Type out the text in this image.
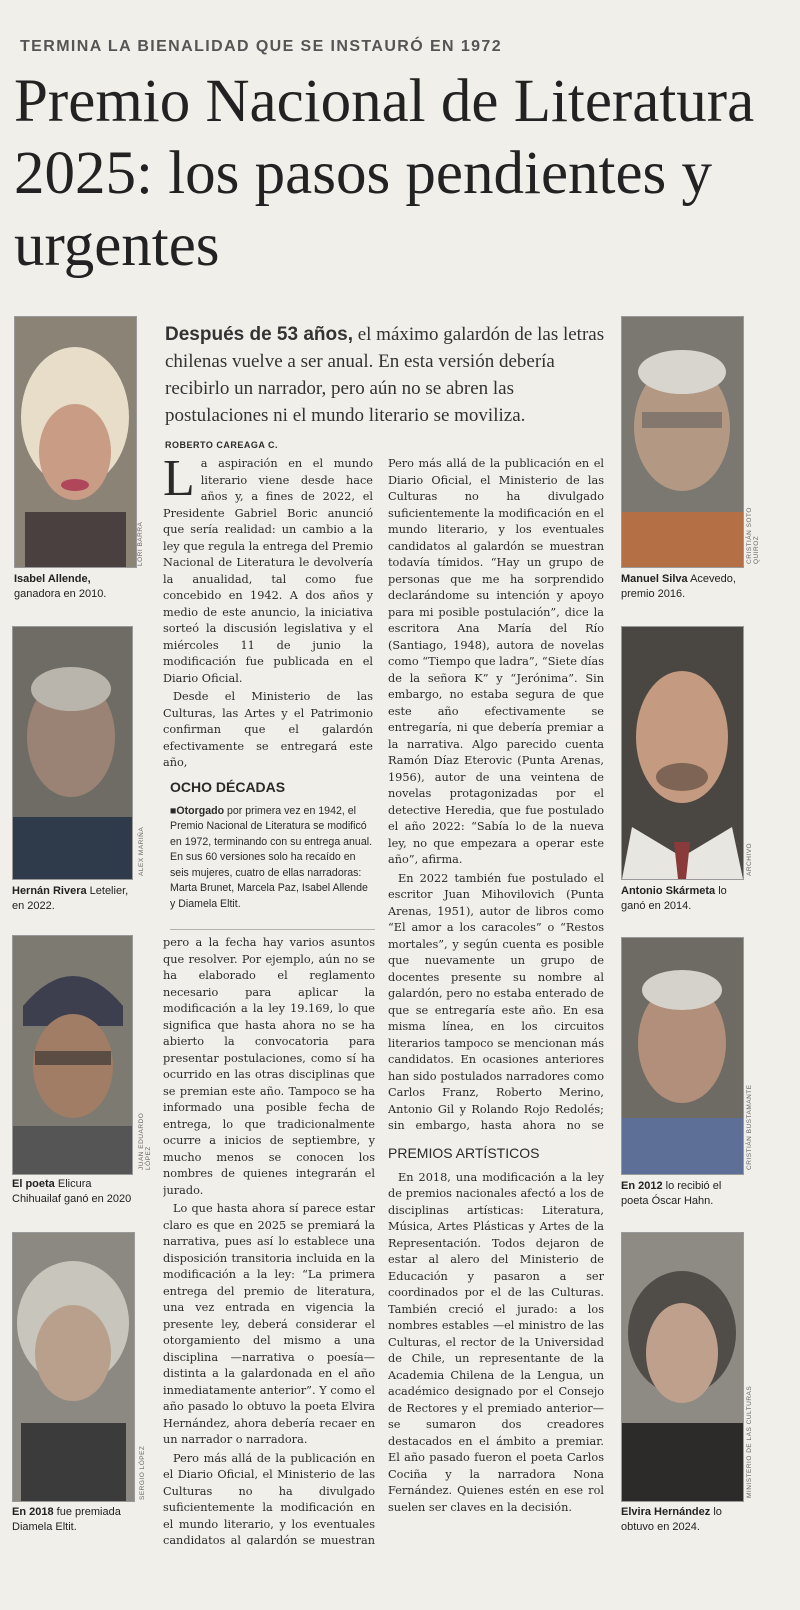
TERMINA LA BIENALIDAD QUE SE INSTAURÓ EN 1972
Premio Nacional de Literatura 2025: los pasos pendientes y urgentes
Después de 53 años, el máximo galardón de las letras chilenas vuelve a ser anual. En esta versión debería recibirlo un narrador, pero aún no se abren las postulaciones ni el mundo literario se moviliza.
ROBERTO CAREAGA C.
LORI BARRA
Isabel Allende, ganadora en 2010.
ALEX MARIÑA
Hernán Rivera Letelier, en 2022.
JUAN EDUARDO LÓPEZ
El poeta Elicura Chihuailaf ganó en 2020
SERGIO LÓPEZ
En 2018 fue premiada Diamela Eltit.
CRISTIÁN SOTO QUIROZ
Manuel Silva Acevedo, premio 2016.
ARCHIVO
Antonio Skármeta lo ganó en 2014.
CRISTIÁN BUSTAMANTE
En 2012 lo recibió el poeta Óscar Hahn.
MINISTERIO DE LAS CULTURAS
Elvira Hernández lo obtuvo en 2024.

La aspiración en el mundo literario viene desde hace años y, a fines de 2022, el Presidente Gabriel Boric anunció que sería realidad: un cambio a la ley que regula la entrega del Premio Nacional de Literatura le devolvería la anualidad, tal como fue concebido en 1942. A dos años y medio de este anuncio, la iniciativa sorteó la discusión legislativa y el miércoles 11 de junio la modificación fue publicada en el Diario Oficial.

Desde el Ministerio de las Culturas, las Artes y el Patrimonio confirman que el galardón efectivamente se entregará este año,

OCHO DÉCADAS
■Otorgado por primera vez en 1942, el Premio Nacional de Literatura se modificó en 1972, terminando con su entrega anual. En sus 60 versiones solo ha recaído en seis mujeres, cuatro de ellas narradoras: Marta Brunet, Marcela Paz, Isabel Allende y Diamela Eltit.

pero a la fecha hay varios asuntos que resolver. Por ejemplo, aún no se ha elaborado el reglamento necesario para aplicar la modificación a la ley 19.169, lo que significa que hasta ahora no se ha abierto la convocatoria para presentar postulaciones, como sí ha ocurrido en las otras disciplinas que se premian este año. Tampoco se ha informado una posible fecha de entrega, lo que tradicionalmente ocurre a inicios de septiembre, y mucho menos se conocen los nombres de quienes integrarán el jurado.

Lo que hasta ahora sí parece estar claro es que en 2025 se premiará la narrativa, pues así lo establece una disposición transitoria incluida en la modificación a la ley: “La primera entrega del premio de literatura, una vez entrada en vigencia la presente ley, deberá considerar el otorgamiento del mismo a una disciplina —narrativa o poesía— distinta a la galardonada en el año inmediatamente anterior”. Y como el año pasado lo obtuvo la poeta Elvira Hernández, ahora debería recaer en un narrador o narradora.

Pero más allá de la publicación en el Diario Oficial, el Ministerio de las Culturas no ha divulgado suficientemente la modificación en el mundo literario, y los eventuales candidatos al galardón se muestran

Pero más allá de la publicación en el Diario Oficial, el Ministerio de las Culturas no ha divulgado suficientemente la modificación en el mundo literario, y los eventuales candidatos al galardón se muestran todavía tímidos. “Hay un grupo de personas que me ha sorprendido declarándome su intención y apoyo para mi posible postulación”, dice la escritora Ana María del Río (Santiago, 1948), autora de novelas como “Tiempo que ladra”, “Siete días de la señora K” y “Jerónima”. Sin embargo, no estaba segura de que este año efectivamente se entregaría, ni que debería premiar a la narrativa. Algo parecido cuenta Ramón Díaz Eterovic (Punta Arenas, 1956), autor de una veintena de novelas protagonizadas por el detective Heredia, que fue postulado el año 2022: “Sabía lo de la nueva ley, no que empezara a operar este año”, afirma.

En 2022 también fue postulado el escritor Juan Mihovilovich (Punta Arenas, 1951), autor de libros como “El amor a los caracoles” o “Restos mortales”, y según cuenta es posible que nuevamente un grupo de docentes presente su nombre al galardón, pero no estaba enterado de que se entregaría este año. En esa misma línea, en los circuitos literarios tampoco se mencionan más candidatos. En ocasiones anteriores han sido postulados narradores como Carlos Franz, Roberto Merino, Antonio Gil y Rolando Rojo Redolés; sin embargo, hasta ahora no se

PREMIOS ARTÍSTICOS

En 2018, una modificación a la ley de premios nacionales afectó a los de disciplinas artísticas: Literatura, Música, Artes Plásticas y Artes de la Representación. Todos dejaron de estar al alero del Ministerio de Educación y pasaron a ser coordinados por el de las Culturas. También creció el jurado: a los nombres estables —el ministro de las Culturas, el rector de la Universidad de Chile, un representante de la Academia Chilena de la Lengua, un académico designado por el Consejo de Rectores y el premiado anterior— se sumaron dos creadores destacados en el ámbito a premiar. El año pasado fueron el poeta Carlos Cociña y la narradora Nona Fernández. Quienes estén en ese rol suelen ser claves en la decisión.
